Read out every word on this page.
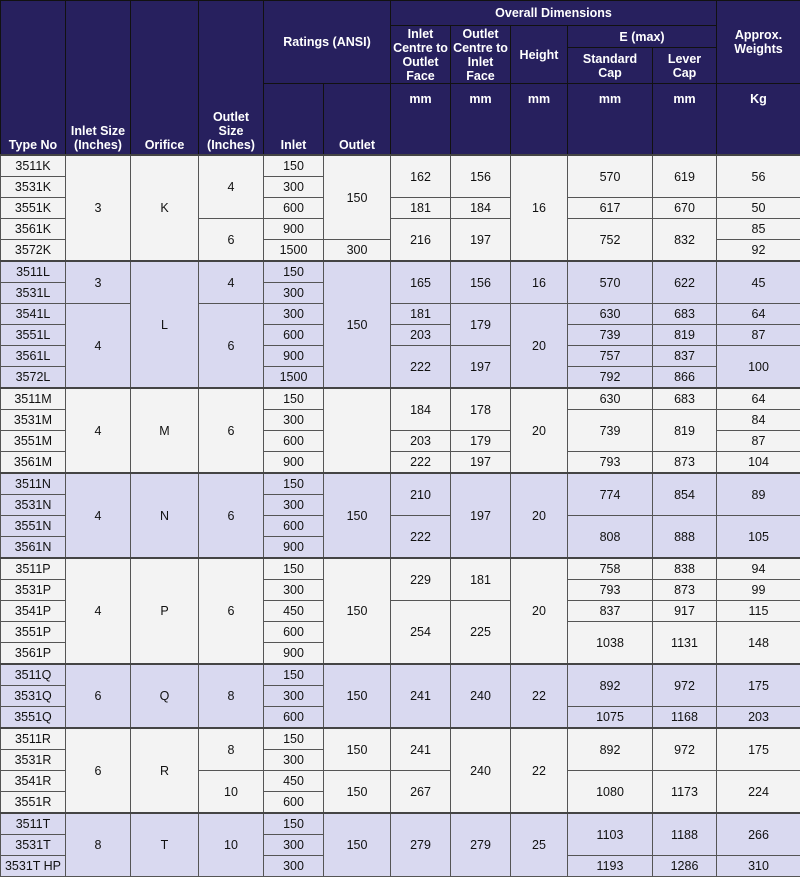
Type No	Inlet Size (Inches)	Orifice	Outlet Size (Inches)	Ratings (ANSI)		Overall Dimensions					Approx. Weights
						Inlet Centre to Outlet Face	Outlet Centre to Inlet Face	Height	E (max)		
									Standard Cap	Lever Cap	
				Inlet	Outlet	mm	mm	mm	mm	mm	Kg
3511K	3	K	4	150	150	162	156	16	570	619	56
3531K				300							
3551K				600		181	184		617	670	50
3561K			6	900		216	197		752	832	85
3572K				1500	300						92
3511L	3	L	4	150	150	165	156	16	570	622	45
3531L				300							
3541L	4		6	300		181	179	20	630	683	64
3551L				600		203			739	819	87
3561L				900		222	197		757	837	100
3572L				1500					792	866	
3511M	4	M	6	150		184	178	20	630	683	64
3531M				300					739	819	84
3551M				600		203	179				87
3561M				900		222	197		793	873	104
3511N	4	N	6	150	150	210	197	20	774	854	89
3531N				300							
3551N				600		222			808	888	105
3561N				900							
3511P	4	P	6	150	150	229	181	20	758	838	94
3531P				300					793	873	99
3541P				450		254	225		837	917	115
3551P				600					1038	1131	148
3561P				900							
3511Q	6	Q	8	150	150	241	240	22	892	972	175
3531Q				300							
3551Q				600					1075	1168	203
3511R	6	R	8	150	150	241	240	22	892	972	175
3531R				300							
3541R			10	450	150	267			1080	1173	224
3551R				600							
3511T	8	T	10	150	150	279	279	25	1103	1188	266
3531T				300							
3531T HP				300					1193	1286	310
